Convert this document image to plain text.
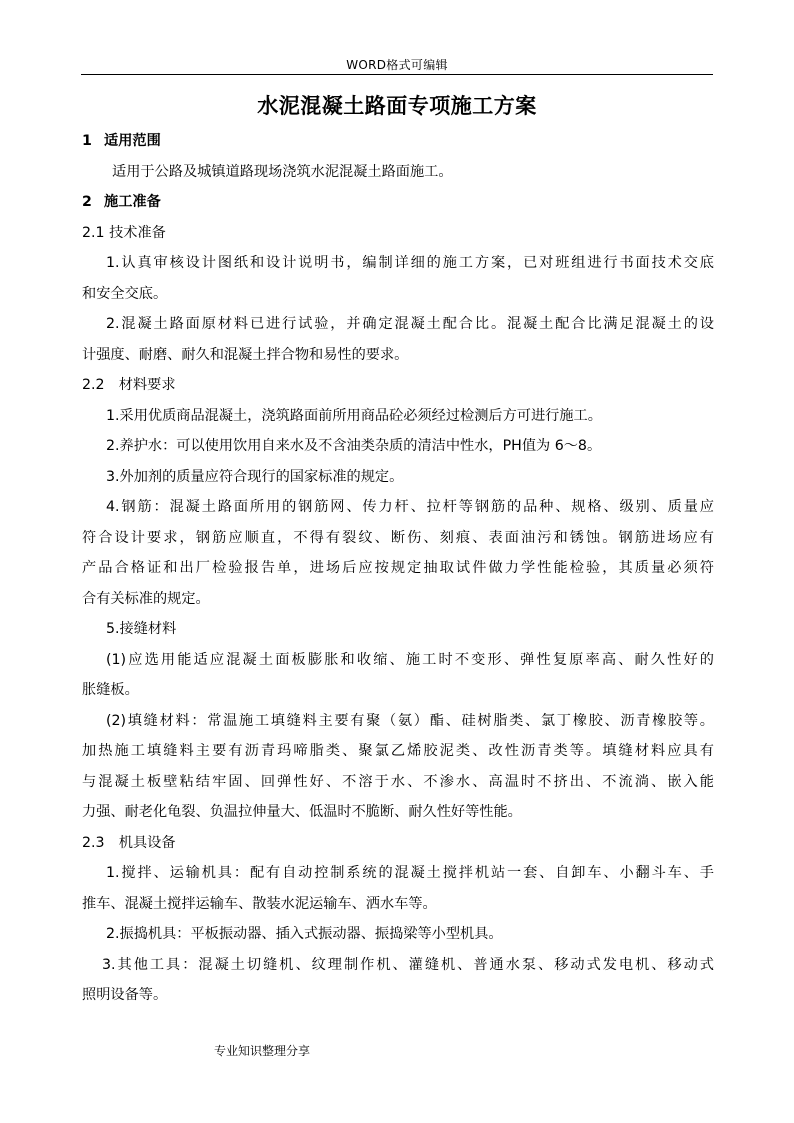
WORD格式可编辑
水泥混凝土路面专项施工方案
1 适用范围
适用于公路及城镇道路现场浇筑水泥混凝土路面施工。
2 施工准备
2.1 技术准备
1.认真审核设计图纸和设计说明书，编制详细的施工方案，已对班组进行书面技术交底
和安全交底。
2.混凝土路面原材料已进行试验，并确定混凝土配合比。混凝土配合比满足混凝土的设
计强度、耐磨、耐久和混凝土拌合物和易性的要求。
2.2　材料要求
1.采用优质商品混凝土，浇筑路面前所用商品砼必须经过检测后方可进行施工。
2.养护水：可以使用饮用自来水及不含油类杂质的清洁中性水，PH值为 6～8。
3.外加剂的质量应符合现行的国家标准的规定。
4.钢筋：混凝土路面所用的钢筋网、传力杆、拉杆等钢筋的品种、规格、级别、质量应
符合设计要求，钢筋应顺直，不得有裂纹、断伤、刻痕、表面油污和锈蚀。钢筋进场应有
产品合格证和出厂检验报告单，进场后应按规定抽取试件做力学性能检验，其质量必须符
合有关标准的规定。
5.接缝材料
(1)应选用能适应混凝土面板膨胀和收缩、施工时不变形、弹性复原率高、耐久性好的
胀缝板。
(2)填缝材料：常温施工填缝料主要有聚（氨）酯、硅树脂类、氯丁橡胶、沥青橡胶等。
加热施工填缝料主要有沥青玛啼脂类、聚氯乙烯胶泥类、改性沥青类等。填缝材料应具有
与混凝土板壁粘结牢固、回弹性好、不溶于水、不渗水、高温时不挤出、不流淌、嵌入能
力强、耐老化龟裂、负温拉伸量大、低温时不脆断、耐久性好等性能。
2.3　机具设备
1.搅拌、运输机具：配有自动控制系统的混凝土搅拌机站一套、自卸车、小翻斗车、手
推车、混凝土搅拌运输车、散装水泥运输车、洒水车等。
2.振捣机具：平板振动器、插入式振动器、振捣梁等小型机具。
3.其他工具：混凝土切缝机、纹理制作机、灌缝机、普通水泵、移动式发电机、移动式
照明设备等。
专业知识整理分享
